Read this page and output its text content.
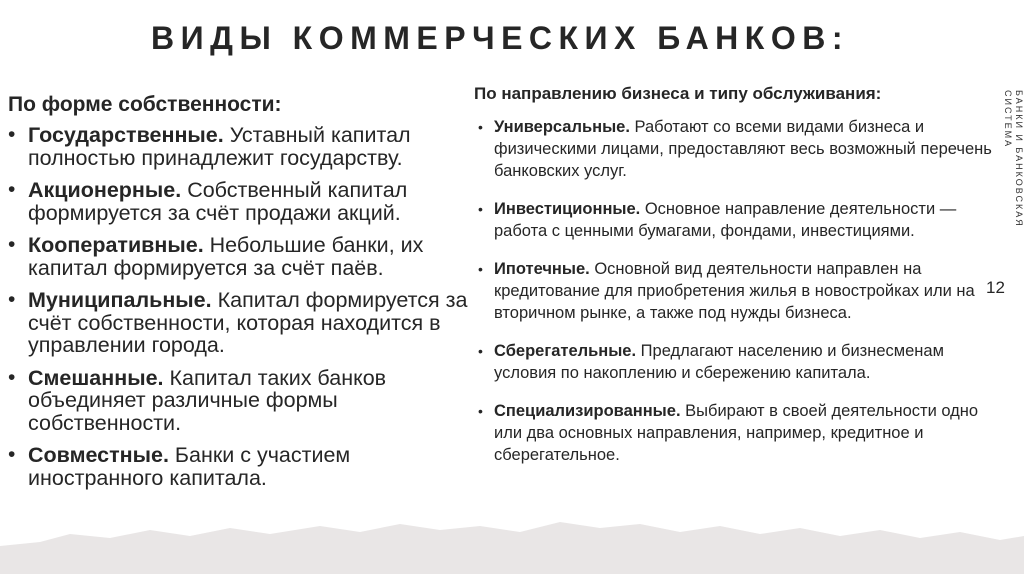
ВИДЫ КОММЕРЧЕСКИХ БАНКОВ:
БАНКИ И БАНКОВСКАЯ СИСТЕМА
12
По форме собственности:
• Государственные. Уставный капитал полностью принадлежит государству.
• Акционерные. Собственный капитал формируется за счёт продажи акций.
• Кооперативные. Небольшие банки, их капитал формируется за счёт паёв.
• Муниципальные. Капитал формируется за счёт собственности, которая находится в управлении города.
• Смешанные. Капитал таких банков объединяет различные формы собственности.
• Совместные. Банки с участием иностранного капитала.
По направлению бизнеса и типу обслуживания:
• Универсальные. Работают со всеми видами бизнеса и физическими лицами, предоставляют весь возможный перечень банковских услуг.
• Инвестиционные. Основное направление деятельности — работа с ценными бумагами, фондами, инвестициями.
• Ипотечные. Основной вид деятельности направлен на кредитование для приобретения жилья в новостройках или на вторичном рынке, а также под нужды бизнеса.
• Сберегательные. Предлагают населению и бизнесменам условия по накоплению и сбережению капитала.
• Специализированные. Выбирают в своей деятельности одно или два основных направления, например, кредитное и сберегательное.
